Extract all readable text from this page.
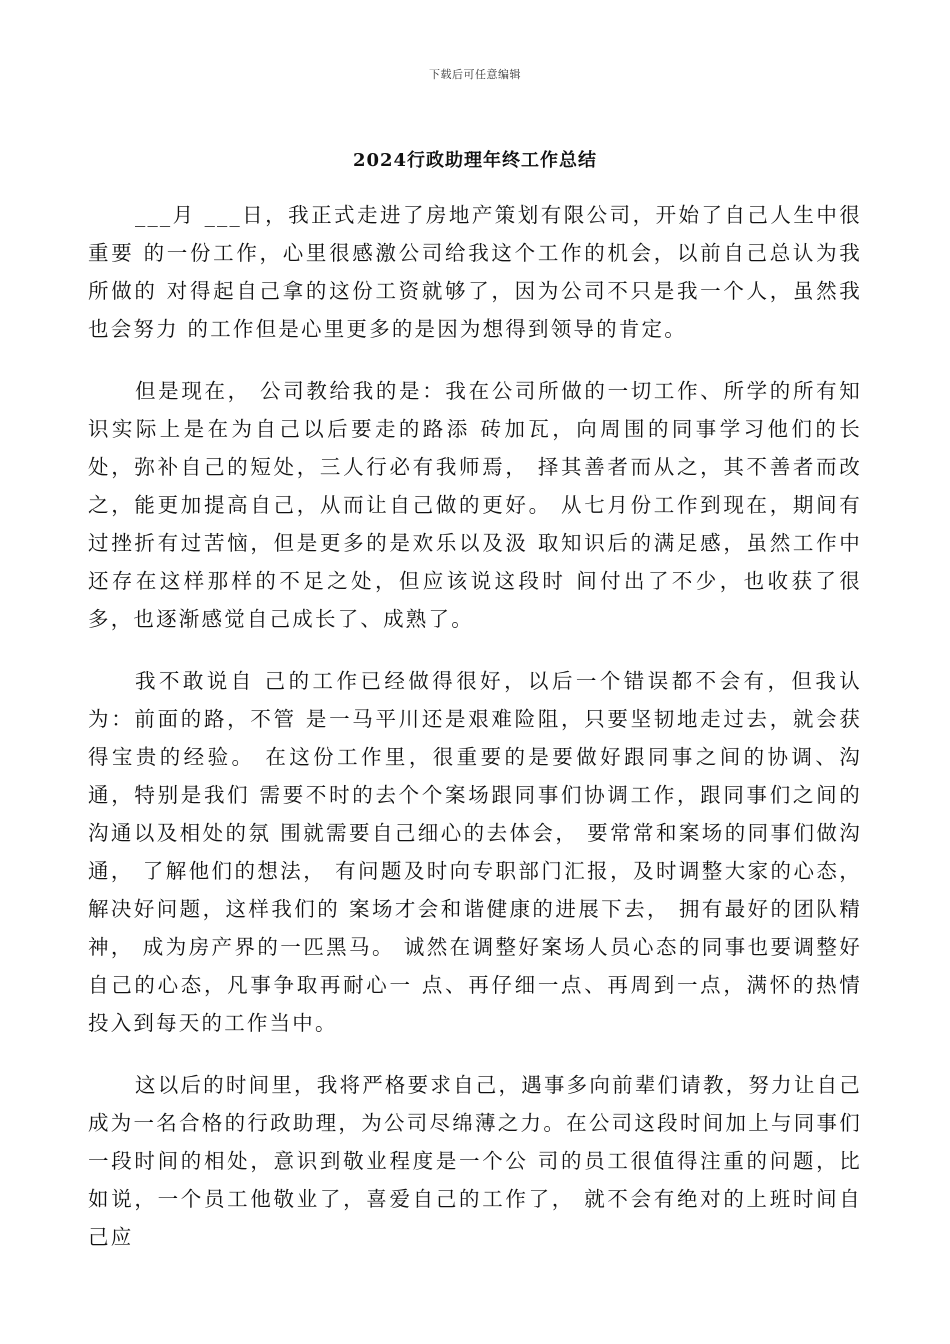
下载后可任意编辑
2024行政助理年终工作总结

___月 ___日，我正式走进了房地产策划有限公司，开始了自己人生中很重要 的一份工作，心里很感激公司给我这个工作的机会，以前自己总认为我所做的 对得起自己拿的这份工资就够了，因为公司不只是我一个人，虽然我也会努力 的工作但是心里更多的是因为想得到领导的肯定。

但是现在， 公司教给我的是：我在公司所做的一切工作、所学的所有知识实际上是在为自己以后要走的路添 砖加瓦，向周围的同事学习他们的长处，弥补自己的短处，三人行必有我师焉， 择其善者而从之，其不善者而改之，能更加提高自己，从而让自己做的更好。 从七月份工作到现在，期间有过挫折有过苦恼，但是更多的是欢乐以及汲 取知识后的满足感，虽然工作中还存在这样那样的不足之处，但应该说这段时 间付出了不少，也收获了很多，也逐渐感觉自己成长了、成熟了。

我不敢说自 己的工作已经做得很好，以后一个错误都不会有，但我认为：前面的路，不管 是一马平川还是艰难险阻，只要坚韧地走过去，就会获得宝贵的经验。 在这份工作里，很重要的是要做好跟同事之间的协调、沟通，特别是我们 需要不时的去个个案场跟同事们协调工作，跟同事们之间的沟通以及相处的氛 围就需要自己细心的去体会， 要常常和案场的同事们做沟通， 了解他们的想法， 有问题及时向专职部门汇报，及时调整大家的心态，解决好问题，这样我们的 案场才会和谐健康的进展下去， 拥有最好的团队精神， 成为房产界的一匹黑马。 诚然在调整好案场人员心态的同事也要调整好自己的心态，凡事争取再耐心一 点、再仔细一点、再周到一点，满怀的热情投入到每天的工作当中。

这以后的时间里，我将严格要求自己，遇事多向前辈们请教，努力让自己成为一名合格的行政助理，为公司尽绵薄之力。在公司这段时间加上与同事们一段时间的相处，意识到敬业程度是一个公 司的员工很值得注重的问题，比如说，一个员工他敬业了，喜爱自己的工作了， 就不会有绝对的上班时间自己应
